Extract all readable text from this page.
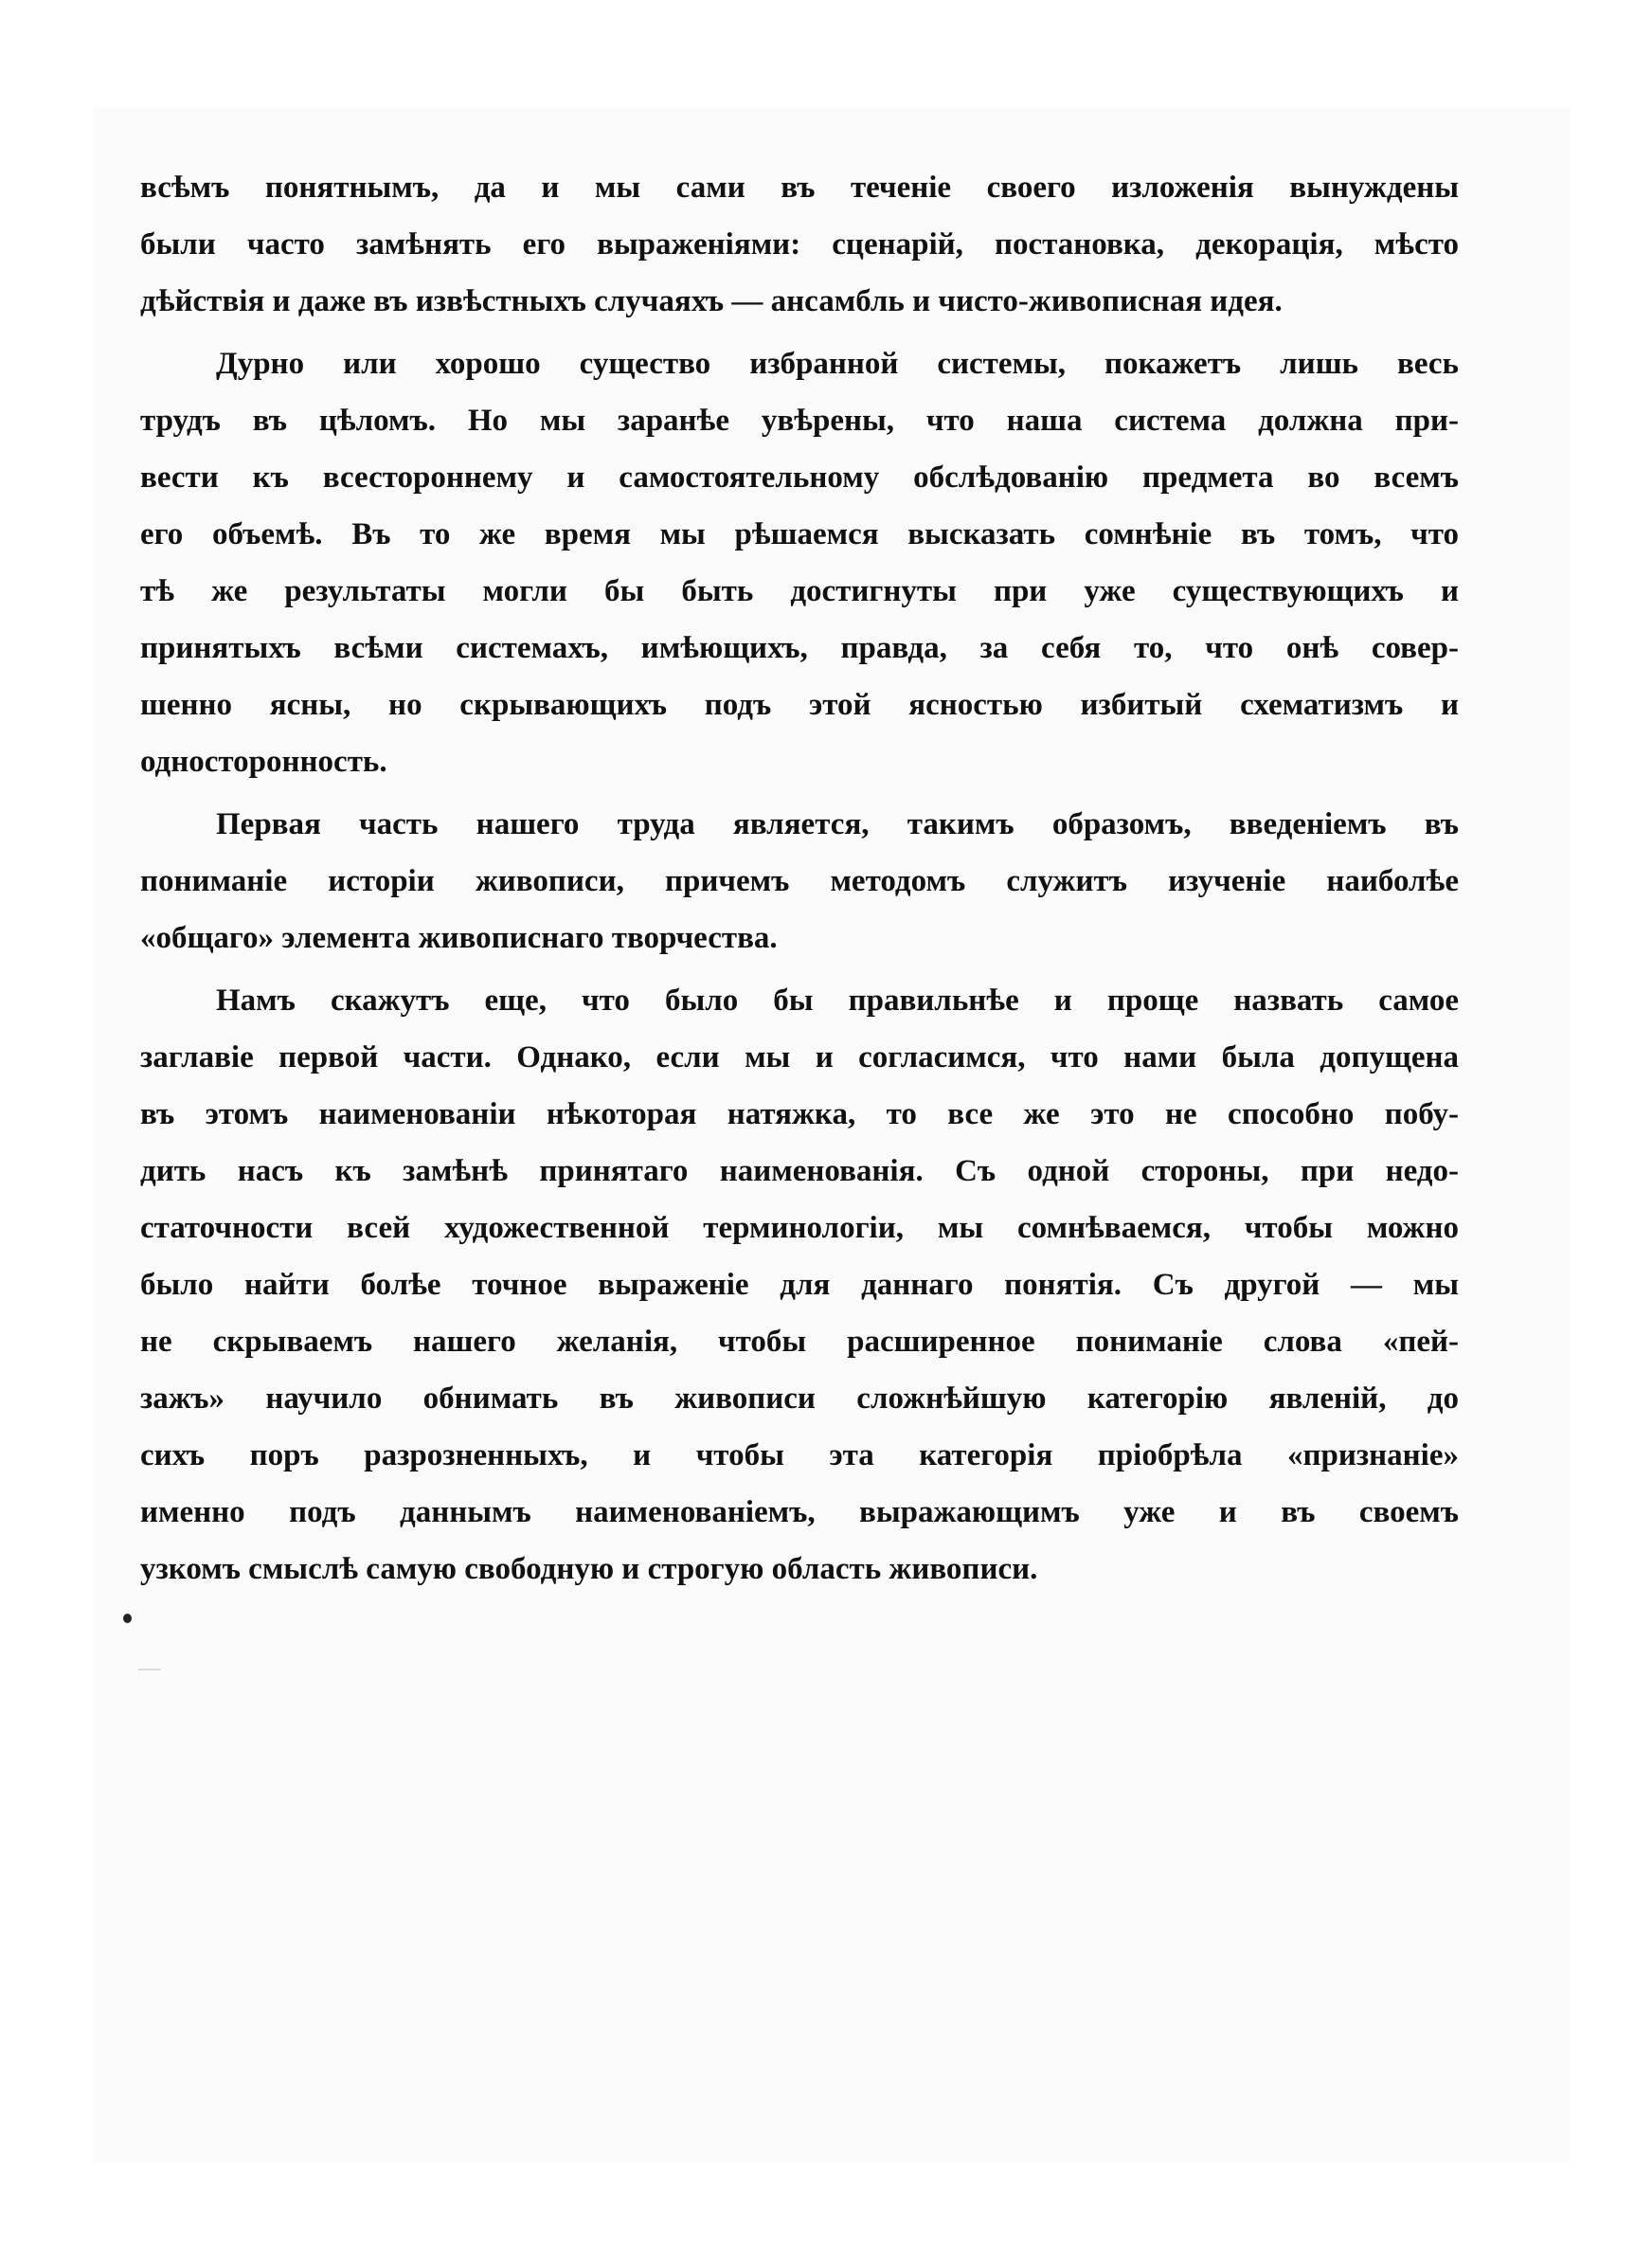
всѣмъ понятнымъ, да и мы сами въ теченіе своего изложенія вынуждены
были часто замѣнять его выраженіями: сценарій, постановка, декорація, мѣсто
дѣйствія и даже въ извѣстныхъ случаяхъ — ансамбль и чисто-живописная идея.
Дурно или хорошо существо избранной системы, покажетъ лишь весь
трудъ въ цѣломъ. Но мы заранѣе увѣрены, что наша система должна при-
вести къ всестороннему и самостоятельному обслѣдованію предмета во всемъ
его объемѣ. Въ то же время мы рѣшаемся высказать сомнѣніе въ томъ, что
тѣ же результаты могли бы быть достигнуты при уже существующихъ и
принятыхъ всѣми системахъ, имѣющихъ, правда, за себя то, что онѣ совер-
шенно ясны, но скрывающихъ подъ этой ясностью избитый схематизмъ и
односторонность.
Первая часть нашего труда является, такимъ образомъ, введеніемъ въ
пониманіе исторіи живописи, причемъ методомъ служитъ изученіе наиболѣе
«общаго» элемента живописнаго творчества.
Намъ скажутъ еще, что было бы правильнѣе и проще назвать самое
заглавіе первой части. Однако, если мы и согласимся, что нами была допущена
въ этомъ наименованіи нѣкоторая натяжка, то все же это не способно побу-
дить насъ къ замѣнѣ принятаго наименованія. Съ одной стороны, при недо-
статочности всей художественной терминологіи, мы сомнѣваемся, чтобы можно
было найти болѣе точное выраженіе для даннаго понятія. Съ другой — мы
не скрываемъ нашего желанія, чтобы расширенное пониманіе слова «пей-
зажъ» научило обнимать въ живописи сложнѣйшую категорію явленій, до
сихъ поръ разрозненныхъ, и чтобы эта категорія пріобрѣла «признаніе»
именно подъ даннымъ наименованіемъ, выражающимъ уже и въ своемъ
узкомъ смыслѣ самую свободную и строгую область живописи.
